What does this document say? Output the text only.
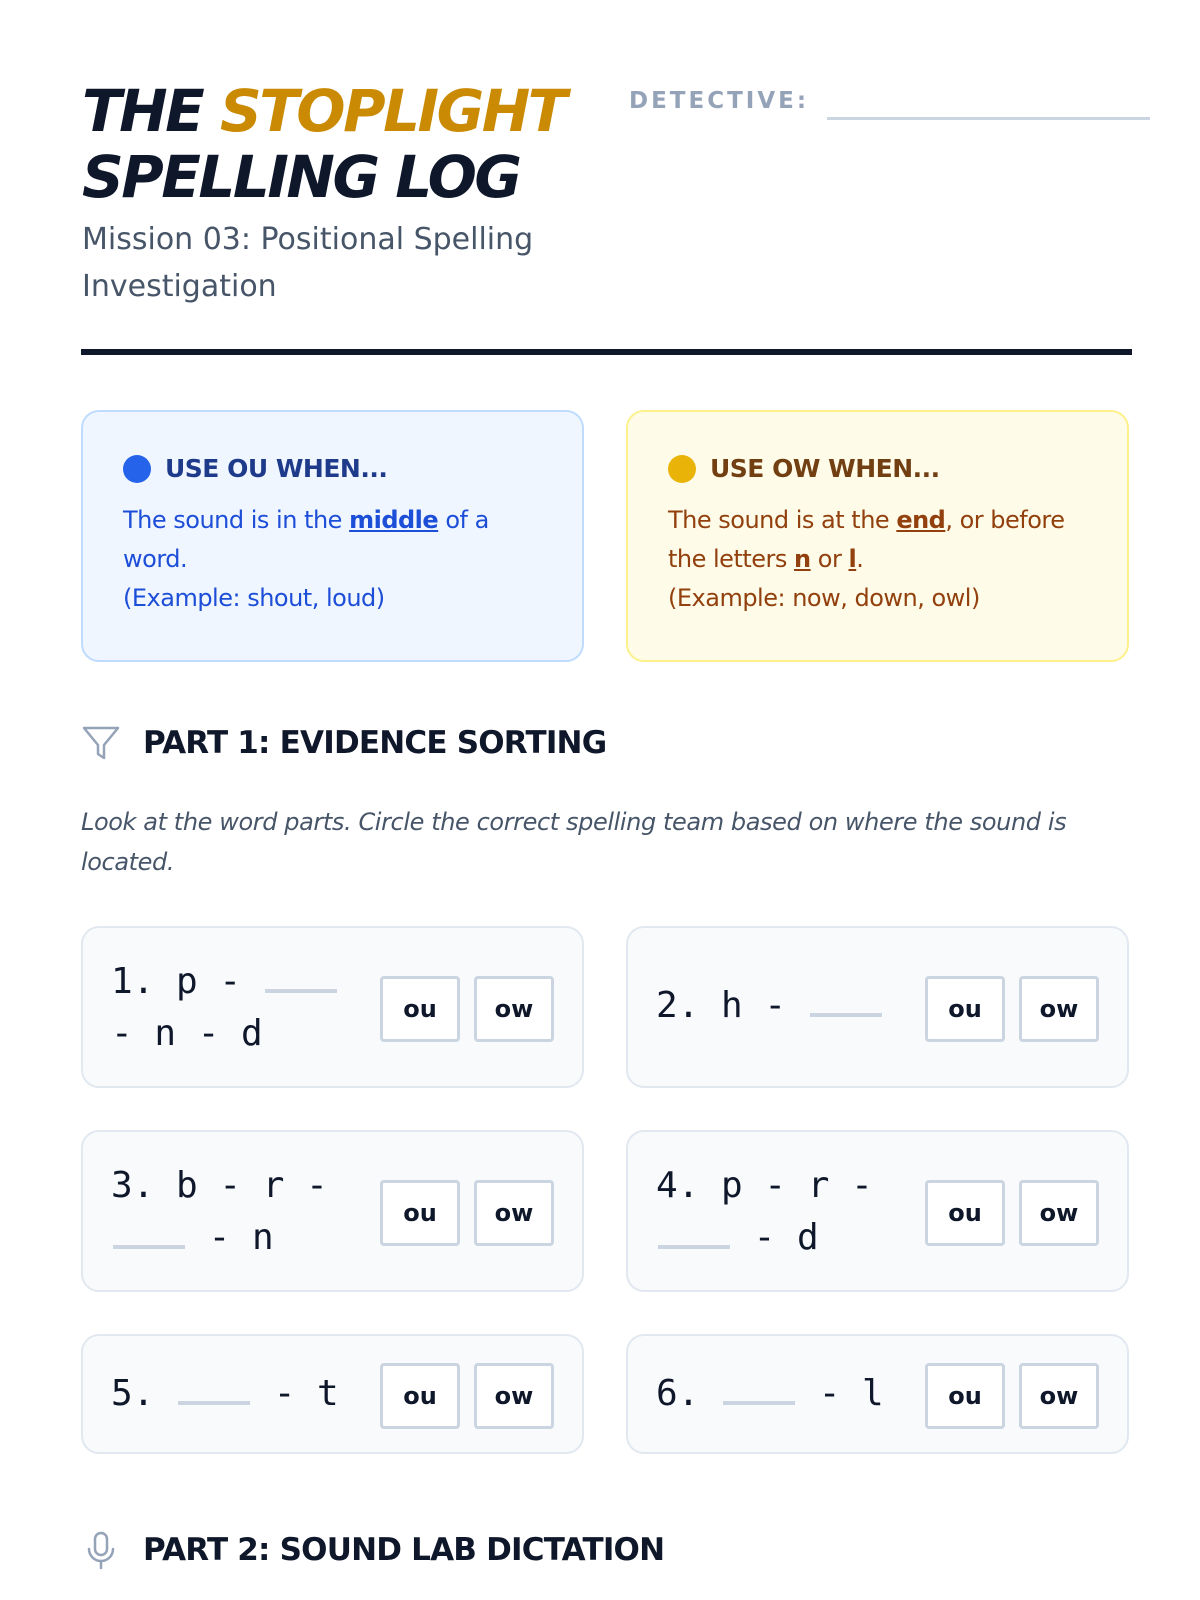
THE STOPLIGHT
SPELLING LOG

Mission 03: Positional Spelling Investigation

DETECTIVE:
USE OU WHEN...
The sound is in the middle of a word.
(Example: shout, loud)
USE OW WHEN...
The sound is at the end, or before the letters n or l.
(Example: now, down, owl)
PART 1: EVIDENCE SORTING

Look at the word parts. Circle the correct spelling team based on where the sound is located.

1. p -
- n - d
ou	ow	2. h -	ou	ow
3. b - r -
- n
ou	ow
4. p - r -
- d
ou	ow
5.  - t	ou	ow	6.  - l	ou	ow
PART 2: SOUND LAB DICTATION
